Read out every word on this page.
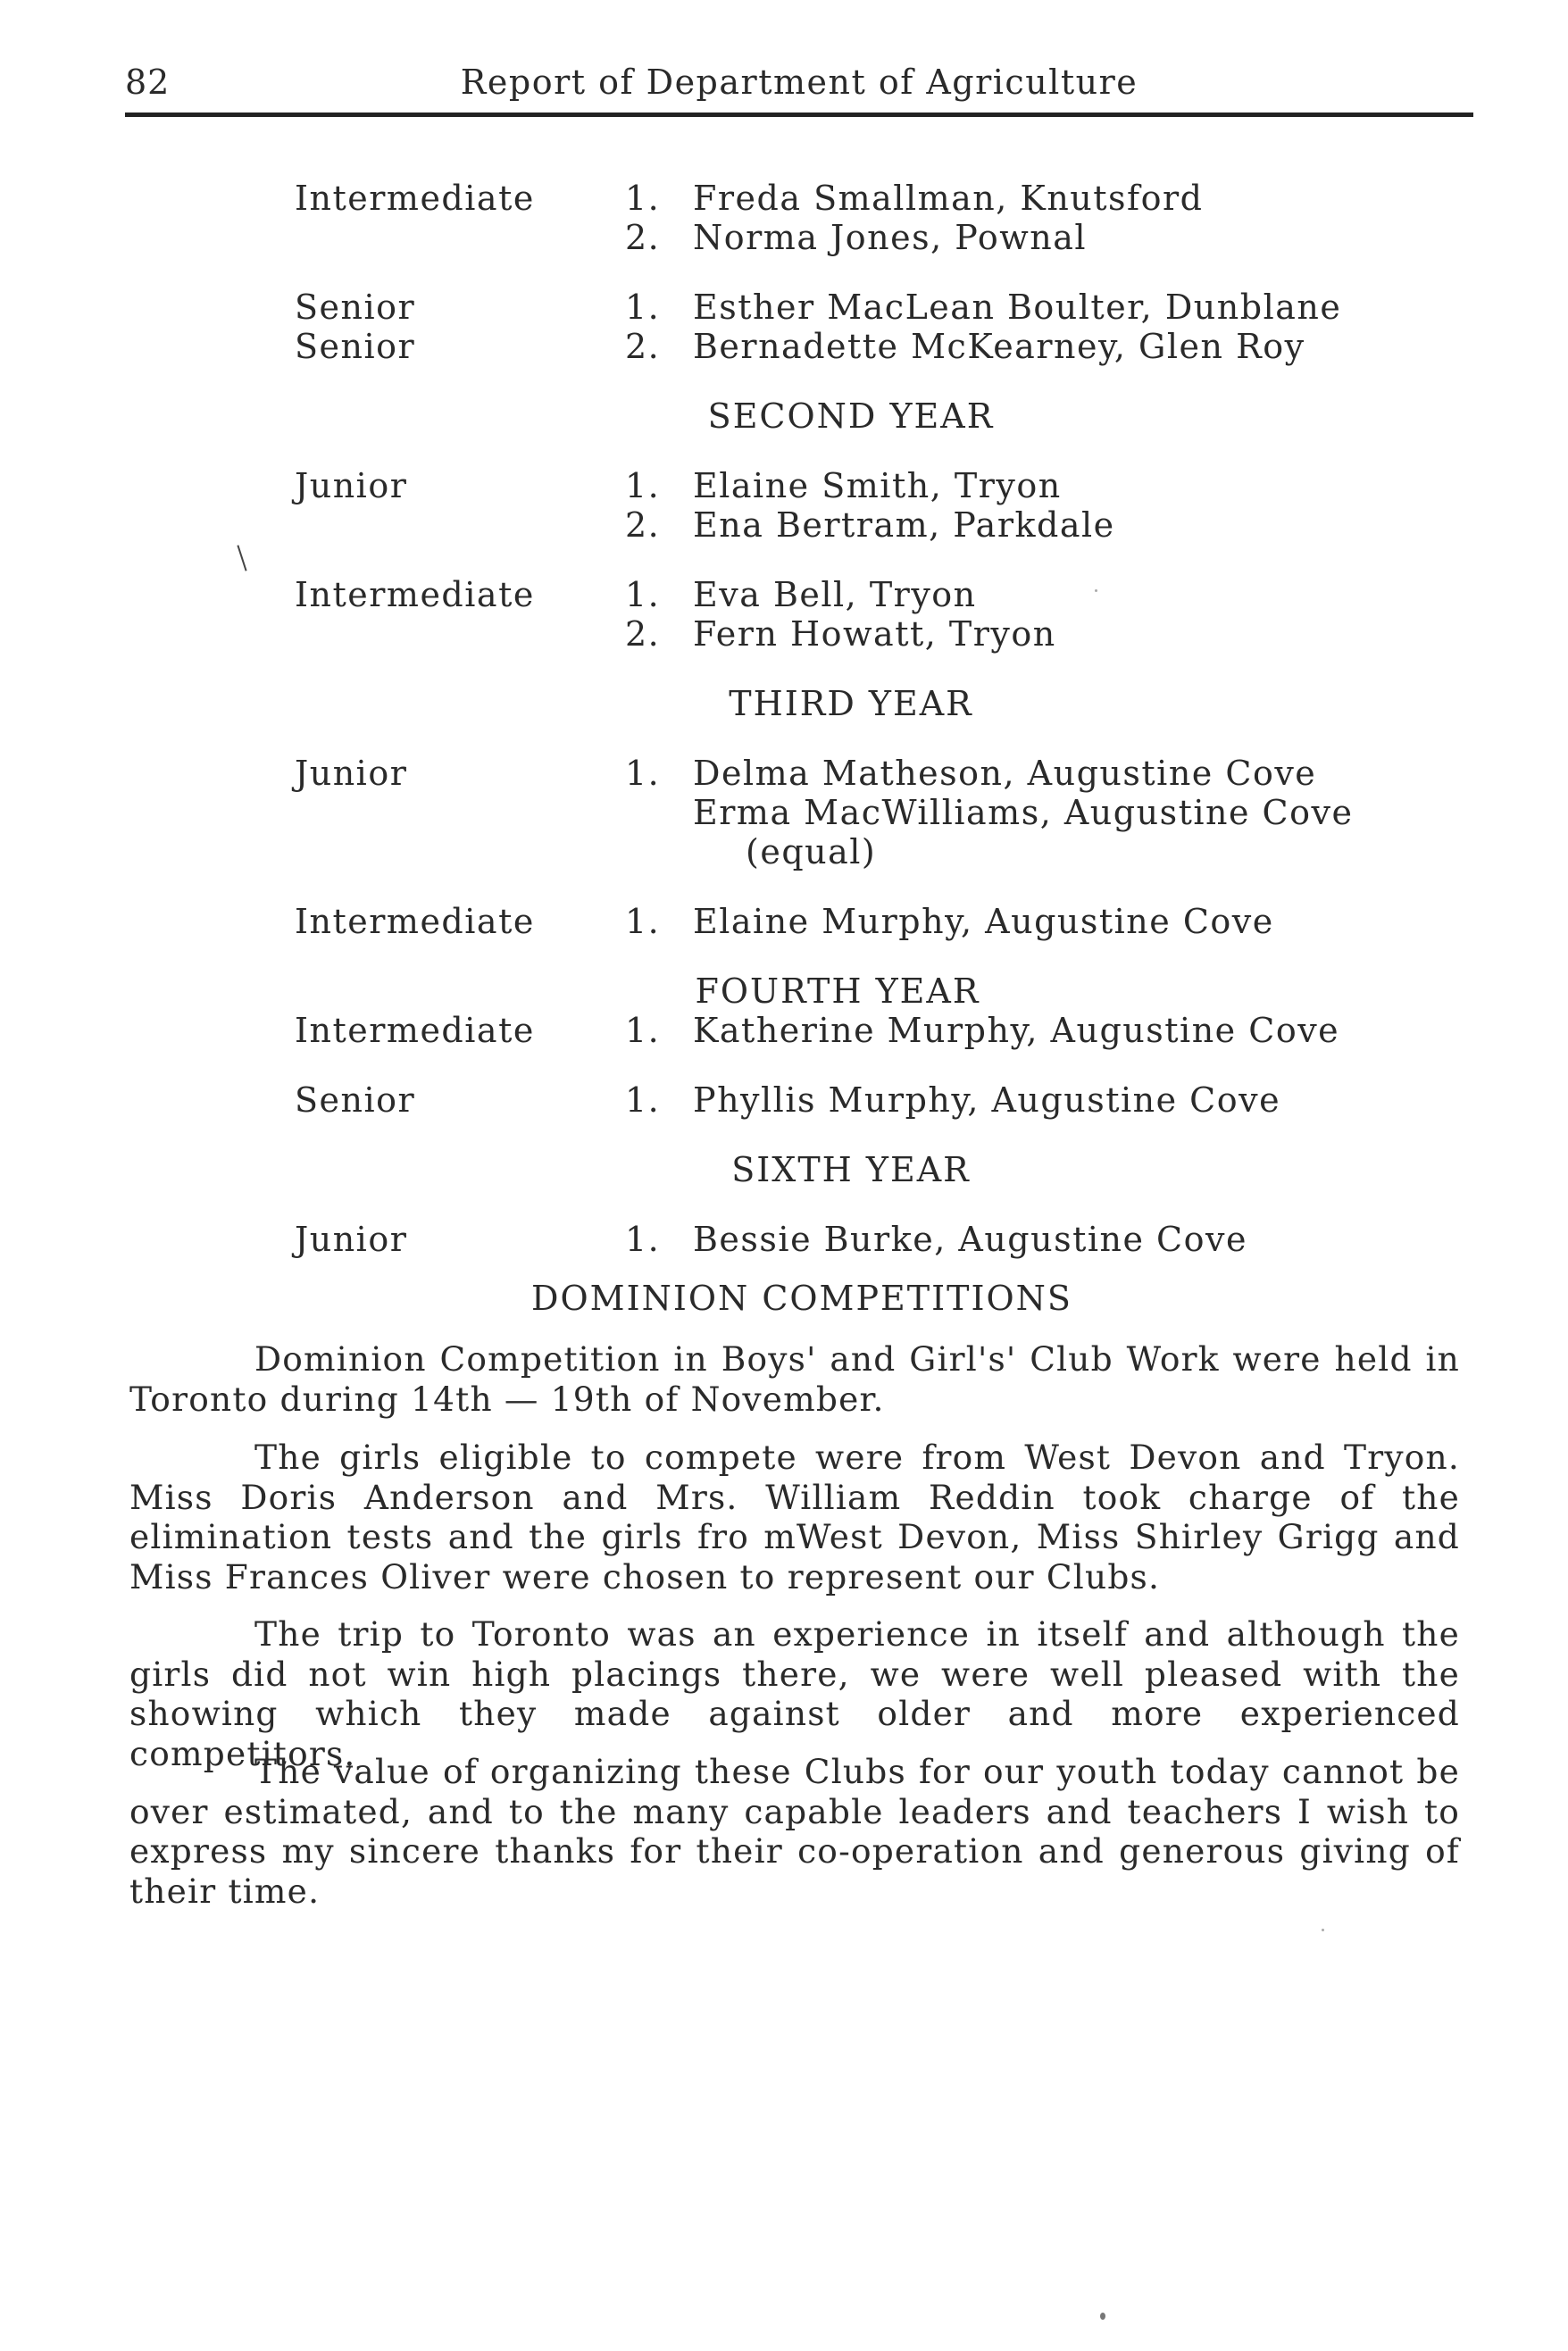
82	Report of Department of Agriculture
Intermediate	1. Freda Smallman, Knutsford
2. Norma Jones, Pownal
Senior	1. Esther MacLean Boulter, Dunblane
Senior	2. Bernadette McKearney, Glen Roy
SECOND YEAR
Junior	1. Elaine Smith, Tryon
2. Ena Bertram, Parkdale
Intermediate	1. Eva Bell, Tryon
2. Fern Howatt, Tryon
THIRD YEAR
Junior	1. Delma Matheson, Augustine Cove
Erma MacWilliams, Augustine Cove
(equal)
Intermediate	1. Elaine Murphy, Augustine Cove
FOURTH YEAR
Intermediate	1. Katherine Murphy, Augustine Cove
Senior	1. Phyllis Murphy, Augustine Cove
SIXTH YEAR
Junior	1. Bessie Burke, Augustine Cove
DOMINION COMPETITIONS

Dominion Competition in Boys' and Girl's' Club Work were held in Toronto during 14th — 19th of November.

The girls eligible to compete were from West Devon and Tryon. Miss Doris Anderson and Mrs. William Reddin took charge of the elimination tests and the girls fro mWest Devon, Miss Shirley Grigg and Miss Frances Oliver were chosen to represent our Clubs.

The trip to Toronto was an experience in itself and although the girls did not win high placings there, we were well pleased with the showing which they made against older and more experienced competitors.

The value of organizing these Clubs for our youth today cannot be over estimated, and to the many capable leaders and teachers I wish to express my sincere thanks for their co-operation and generous giving of their time.
